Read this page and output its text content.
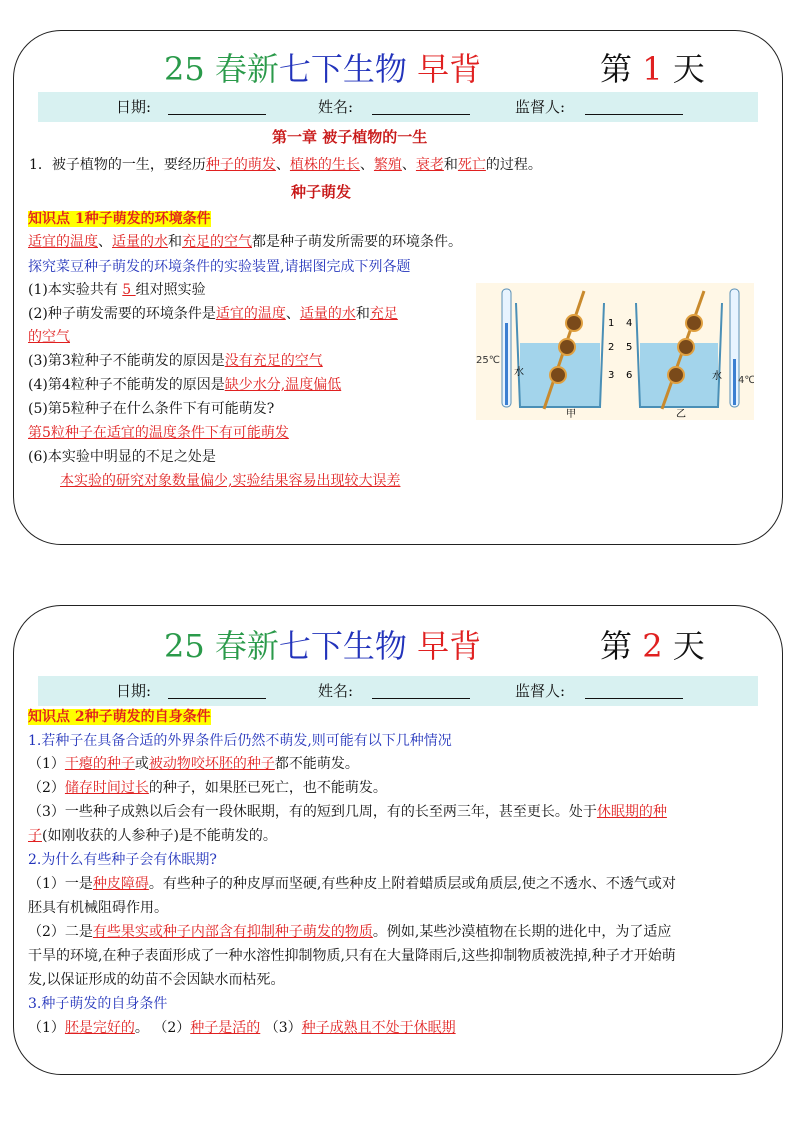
25 春新七下生物 早背	第 1 天
日期:	姓名:	监督人:
第一章 被子植物的一生
1．被子植物的一生，要经历种子的萌发、植株的生长、繁殖、衰老和死亡的过程。
种子萌发
知识点 1种子萌发的环境条件
适宜的温度、适量的水和充足的空气都是种子萌发所需要的环境条件。
探究菜豆种子萌发的环境条件的实验装置,请据图完成下列各题
(1)本实验共有 5 组对照实验
(2)种子萌发需要的环境条件是适宜的温度、适量的水和充足
的空气
(3)第3粒种子不能萌发的原因是没有充足的空气
(4)第4粒种子不能萌发的原因是缺少水分,温度偏低
(5)第5粒种子在什么条件下有可能萌发?
第5粒种子在适宜的温度条件下有可能萌发
(6)本实验中明显的不足之处是
本实验的研究对象数量偏少,实验结果容易出现较大误差
25℃
4℃
1
2
3
水
甲
4
5
6	水
乙
25 春新七下生物 早背	第 2 天
日期:	姓名:	监督人:
知识点 2种子萌发的自身条件
1.若种子在具备合适的外界条件后仍然不萌发,则可能有以下几种情况
（1）干瘪的种子或被动物咬坏胚的种子都不能萌发。
（2）储存时间过长的种子，如果胚已死亡，也不能萌发。
（3）一些种子成熟以后会有一段休眠期，有的短到几周，有的长至两三年，甚至更长。处于休眠期的种
子(如刚收获的人参种子)是不能萌发的。
2.为什么有些种子会有休眠期?
（1）一是种皮障碍。有些种子的种皮厚而坚硬,有些种皮上附着蜡质层或角质层,使之不透水、不透气或对
胚具有机械阻碍作用。
（2）二是有些果实或种子内部含有抑制种子萌发的物质。例如,某些沙漠植物在长期的进化中，为了适应
干旱的环境,在种子表面形成了一种水溶性抑制物质,只有在大量降雨后,这些抑制物质被洗掉,种子才开始萌
发,以保证形成的幼苗不会因缺水而枯死。
3.种子萌发的自身条件
（1）胚是完好的。 （2）种子是活的 （3）种子成熟且不处于休眠期
